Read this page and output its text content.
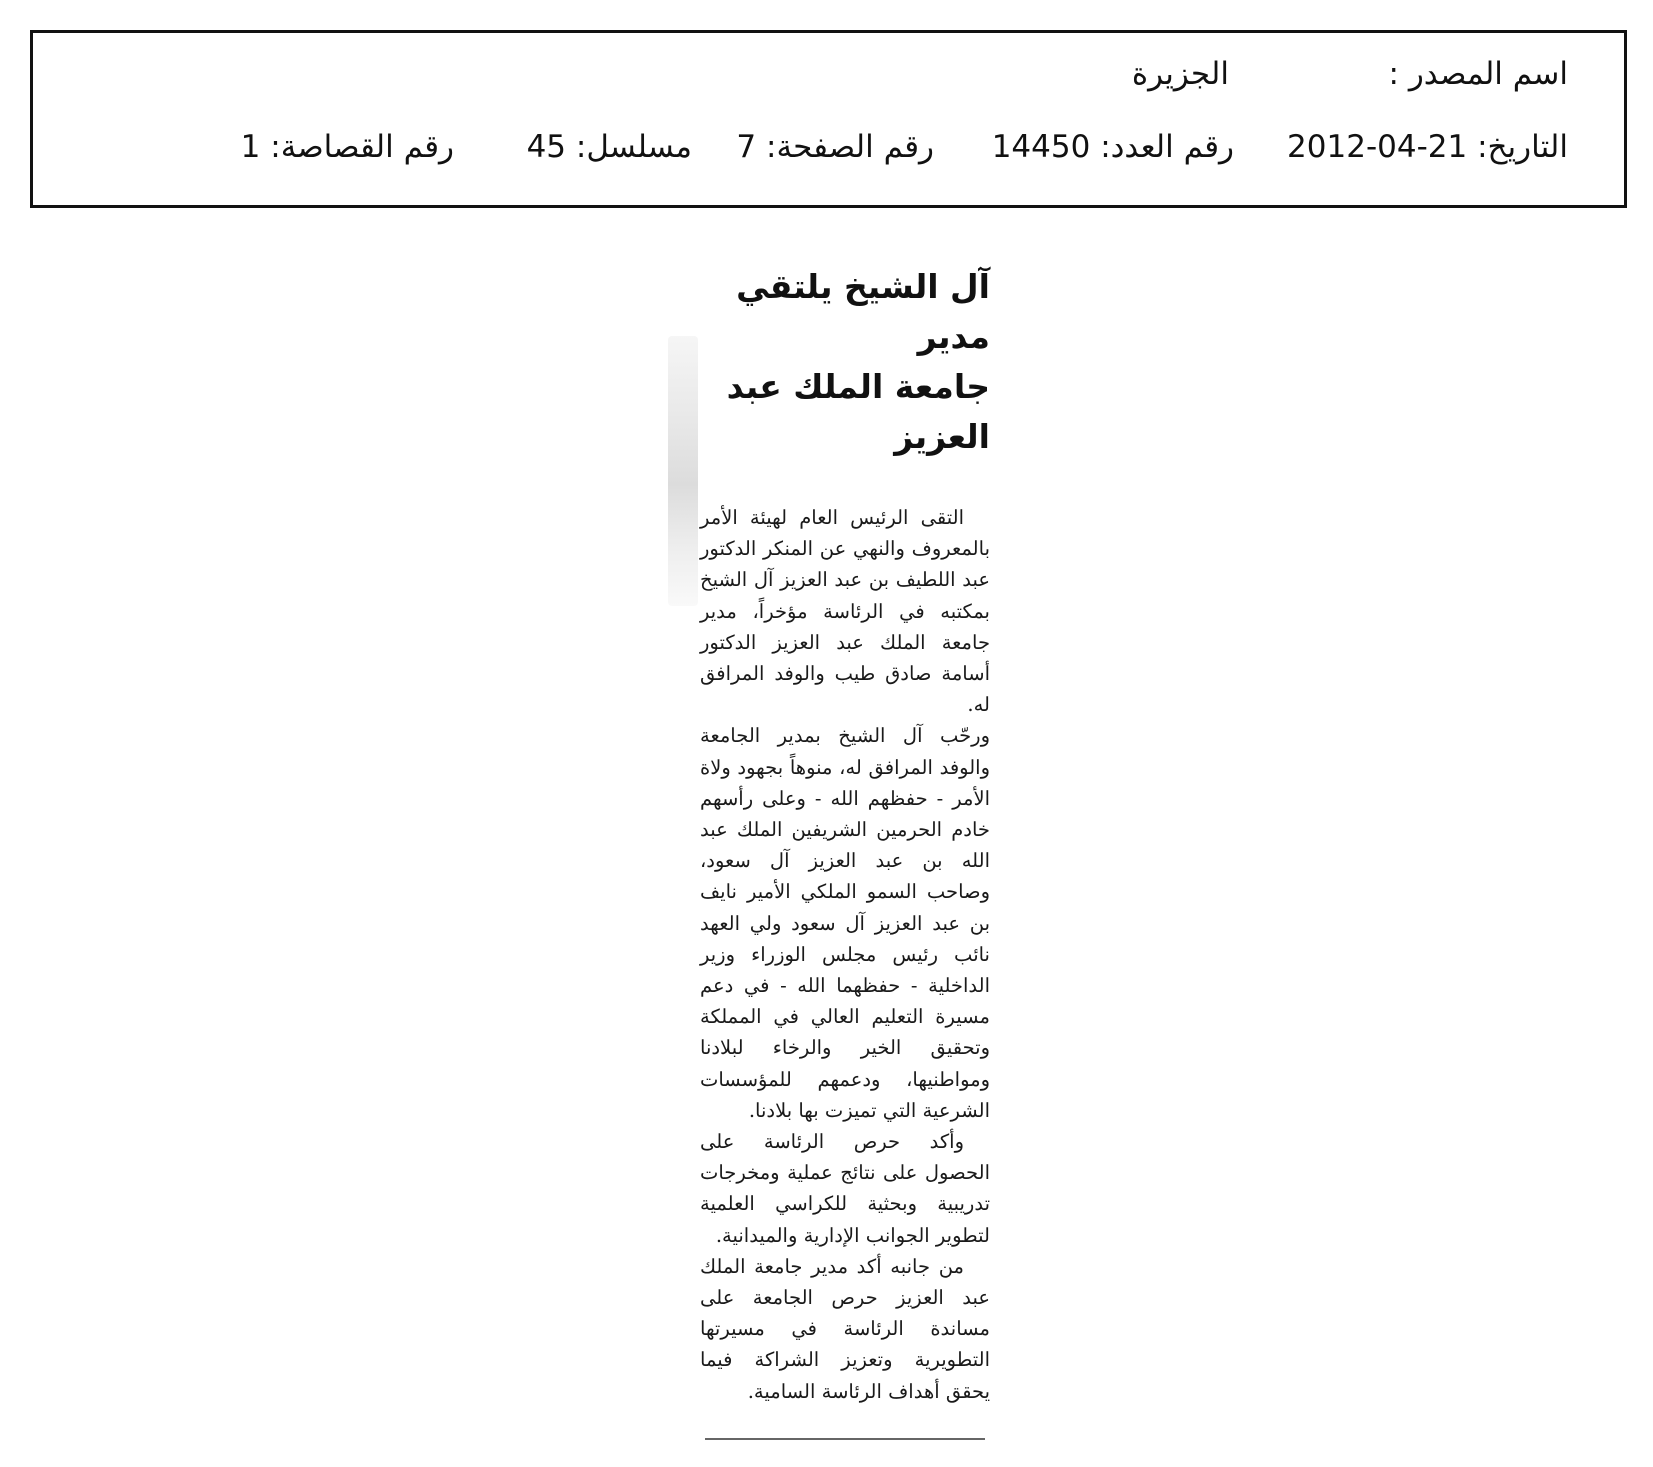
اسم المصدر :
الجزيرة
التاريخ: 2012-04-21
رقم العدد: 14450
رقم الصفحة: 7
مسلسل: 45
رقم القصاصة: 1
آل الشيخ يلتقي مدير
جامعة الملك عبد العزيز

التقى الرئيس العام لهيئة الأمر بالمعروف والنهي عن المنكر الدكتور عبد اللطيف بن عبد العزيز آل الشيخ بمكتبه في الرئاسة مؤخراً، مدير جامعة الملك عبد العزيز الدكتور أسامة صادق طيب والوفد المرافق له.

ورحّب آل الشيخ بمدير الجامعة والوفد المرافق له، منوهاً بجهود ولاة الأمر - حفظهم الله - وعلى رأسهم خادم الحرمين الشريفين الملك عبد الله بن عبد العزيز آل سعود، وصاحب السمو الملكي الأمير نايف بن عبد العزيز آل سعود ولي العهد نائب رئيس مجلس الوزراء وزير الداخلية - حفظهما الله - في دعم مسيرة التعليم العالي في المملكة وتحقيق الخير والرخاء لبلادنا ومواطنيها، ودعمهم للمؤسسات الشرعية التي تميزت بها بلادنا.

وأكد حرص الرئاسة على الحصول على نتائج عملية ومخرجات تدريبية وبحثية للكراسي العلمية لتطوير الجوانب الإدارية والميدانية.

من جانبه أكد مدير جامعة الملك عبد العزيز حرص الجامعة على مساندة الرئاسة في مسيرتها التطويرية وتعزيز الشراكة فيما يحقق أهداف الرئاسة السامية.
